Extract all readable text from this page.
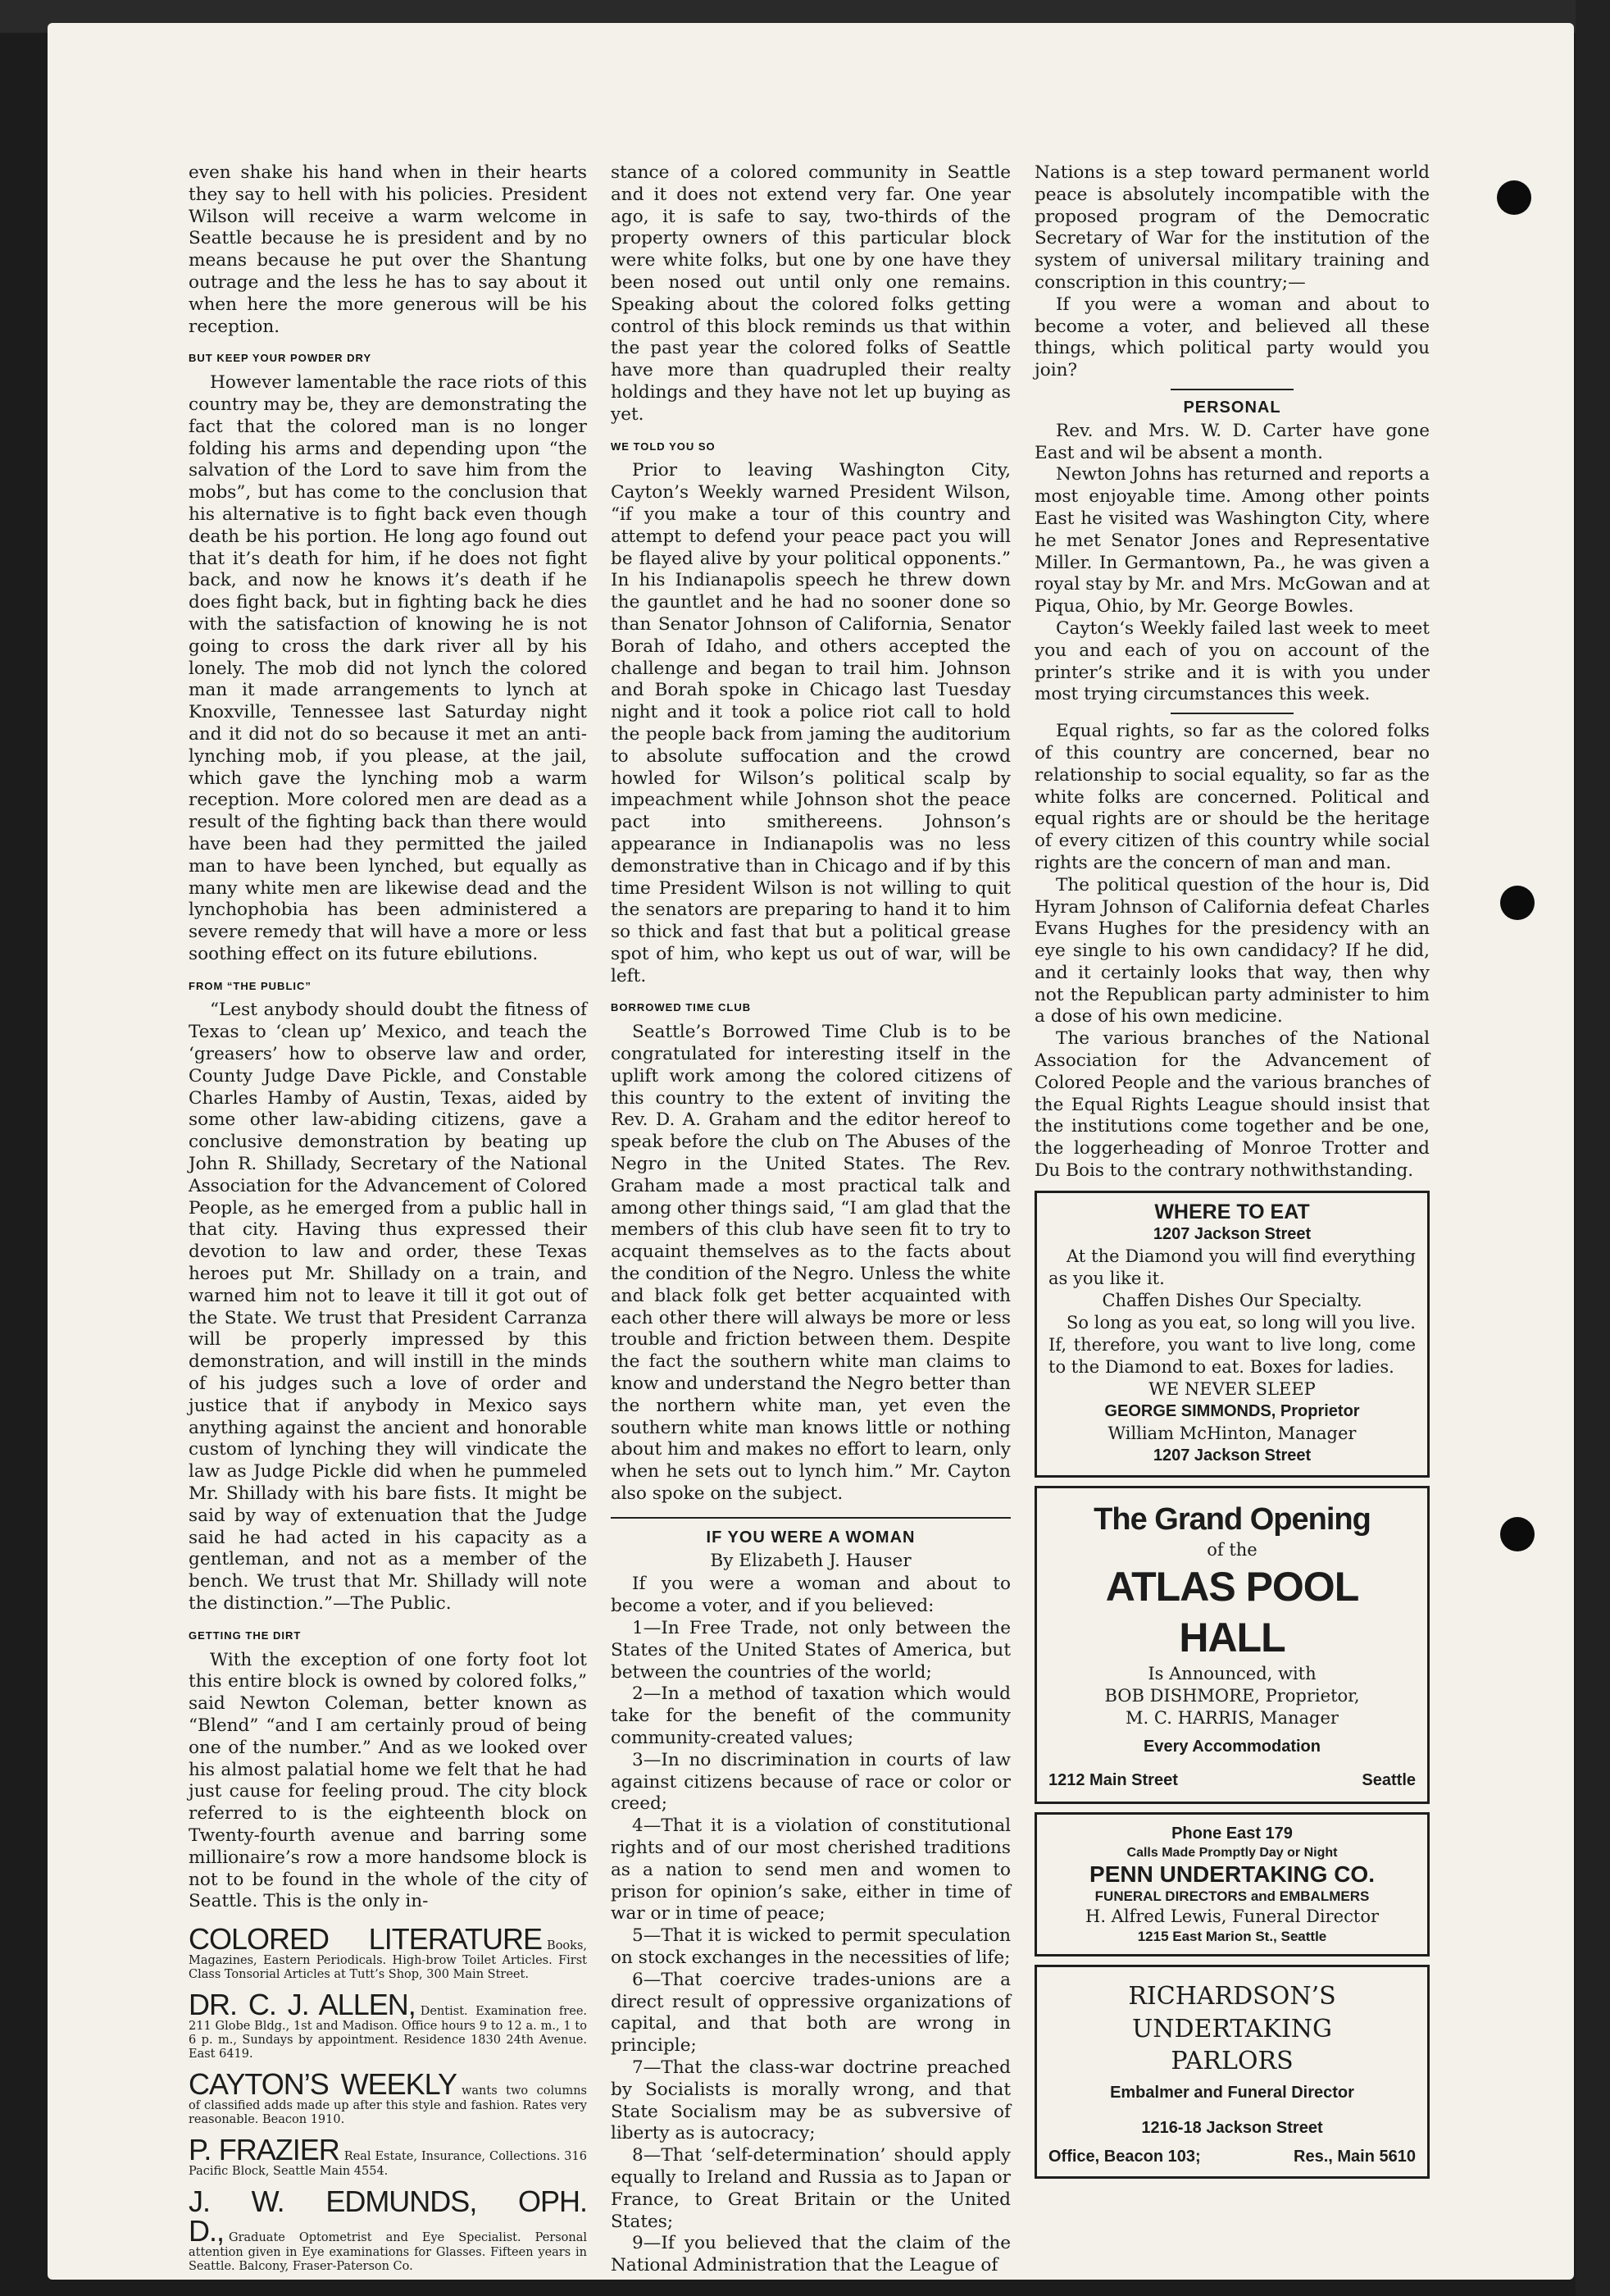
even shake his hand when in their hearts they say to hell with his policies. President Wilson will receive a warm welcome in Seattle because he is president and by no means because he put over the Shantung outrage and the less he has to say about it when here the more generous will be his reception.

BUT KEEP YOUR POWDER DRY

However lamentable the race riots of this country may be, they are demonstrating the fact that the colored man is no longer folding his arms and depending upon “the salvation of the Lord to save him from the mobs”, but has come to the conclusion that his alternative is to fight back even though death be his portion. He long ago found out that it’s death for him, if he does not fight back, and now he knows it’s death if he does fight back, but in fighting back he dies with the satisfaction of knowing he is not going to cross the dark river all by his lonely. The mob did not lynch the colored man it made arrangements to lynch at Knoxville, Tennessee last Saturday night and it did not do so because it met an anti-lynching mob, if you please, at the jail, which gave the lynching mob a warm reception. More colored men are dead as a result of the fighting back than there would have been had they permitted the jailed man to have been lynched, but equally as many white men are likewise dead and the lynchophobia has been administered a severe remedy that will have a more or less soothing effect on its future ebilutions.

FROM “THE PUBLIC”

“Lest anybody should doubt the fitness of Texas to ‘clean up’ Mexico, and teach the ‘greasers’ how to observe law and order, County Judge Dave Pickle, and Constable Charles Hamby of Austin, Texas, aided by some other law-abiding citizens, gave a conclusive demonstration by beating up John R. Shillady, Secretary of the National Association for the Advancement of Colored People, as he emerged from a public hall in that city. Having thus expressed their devotion to law and order, these Texas heroes put Mr. Shillady on a train, and warned him not to leave it till it got out of the State. We trust that President Carranza will be properly impressed by this demonstration, and will instill in the minds of his judges such a love of order and justice that if anybody in Mexico says anything against the ancient and honorable custom of lynching they will vindicate the law as Judge Pickle did when he pummeled Mr. Shillady with his bare fists. It might be said by way of extenuation that the Judge said he had acted in his capacity as a gentleman, and not as a member of the bench. We trust that Mr. Shillady will note the distinction.”—The Public.

GETTING THE DIRT

With the exception of one forty foot lot this entire block is owned by colored folks,” said Newton Coleman, better known as “Blend” “and I am certainly proud of being one of the number.” And as we looked over his almost palatial home we felt that he had just cause for feeling proud. The city block referred to is the eighteenth block on Twenty-fourth avenue and barring some millionaire’s row a more handsome block is not to be found in the whole of the city of Seattle. This is the only in-

COLORED LITERATURE Books, Magazines, Eastern Periodicals. High-brow Toilet Articles. First Class Tonsorial Articles at Tutt’s Shop, 300 Main Street.
DR. C. J. ALLEN, Dentist. Examination free. 211 Globe Bldg., 1st and Madison. Office hours 9 to 12 a. m., 1 to 6 p. m., Sundays by appointment. Residence 1830 24th Avenue. East 6419.
CAYTON’S WEEKLY wants two columns of classified adds made up after this style and fashion. Rates very reasonable. Beacon 1910.
P. FRAZIER Real Estate, Insurance, Collections. 316 Pacific Block, Seattle Main 4554.
J. W. EDMUNDS, OPH. D., Graduate Optometrist and Eye Specialist. Personal attention given in Eye examinations for Glasses. Fifteen years in Seattle. Balcony, Fraser-Paterson Co.

stance of a colored community in Seattle and it does not extend very far. One year ago, it is safe to say, two-thirds of the property owners of this particular block were white folks, but one by one have they been nosed out until only one remains. Speaking about the colored folks getting control of this block reminds us that within the past year the colored folks of Seattle have more than quadrupled their realty holdings and they have not let up buying as yet.

WE TOLD YOU SO

Prior to leaving Washington City, Cayton’s Weekly warned President Wilson, “if you make a tour of this country and attempt to defend your peace pact you will be flayed alive by your political opponents.” In his Indianapolis speech he threw down the gauntlet and he had no sooner done so than Senator Johnson of California, Senator Borah of Idaho, and others accepted the challenge and began to trail him. Johnson and Borah spoke in Chicago last Tuesday night and it took a police riot call to hold the people back from jaming the auditorium to absolute suffocation and the crowd howled for Wilson’s political scalp by impeachment while Johnson shot the peace pact into smithereens. Johnson’s appearance in Indianapolis was no less demonstrative than in Chicago and if by this time President Wilson is not willing to quit the senators are preparing to hand it to him so thick and fast that but a political grease spot of him, who kept us out of war, will be left.

BORROWED TIME CLUB

Seattle’s Borrowed Time Club is to be congratulated for interesting itself in the uplift work among the colored citizens of this country to the extent of inviting the Rev. D. A. Graham and the editor hereof to speak before the club on The Abuses of the Negro in the United States. The Rev. Graham made a most practical talk and among other things said, “I am glad that the members of this club have seen fit to try to acquaint themselves as to the facts about the condition of the Negro. Unless the white and black folk get better acquainted with each other there will always be more or less trouble and friction between them. Despite the fact the southern white man claims to know and understand the Negro better than the northern white man, yet even the southern white man knows little or nothing about him and makes no effort to learn, only when he sets out to lynch him.” Mr. Cayton also spoke on the subject.

IF YOU WERE A WOMAN
By Elizabeth J. Hauser

If you were a woman and about to become a voter, and if you believed:

1—In Free Trade, not only between the States of the United States of America, but between the countries of the world;

2—In a method of taxation which would take for the benefit of the community community-created values;

3—In no discrimination in courts of law against citizens because of race or color or creed;

4—That it is a violation of constitutional rights and of our most cherished traditions as a nation to send men and women to prison for opinion’s sake, either in time of war or in time of peace;

5—That it is wicked to permit speculation on stock exchanges in the necessities of life;

6—That coercive trades-unions are a direct result of oppressive organizations of capital, and that both are wrong in principle;

7—That the class-war doctrine preached by Socialists is morally wrong, and that State Socialism may be as subversive of liberty as is autocracy;

8—That ‘self-determination’ should apply equally to Ireland and Russia as to Japan or France, to Great Britain or the United States;

9—If you believed that the claim of the National Administration that the League of

Nations is a step toward permanent world peace is absolutely incompatible with the proposed program of the Democratic Secretary of War for the institution of the system of universal military training and conscription in this country;—

If you were a woman and about to become a voter, and believed all these things, which political party would you join?

PERSONAL

Rev. and Mrs. W. D. Carter have gone East and wil be absent a month.

Newton Johns has returned and reports a most enjoyable time. Among other points East he visited was Washington City, where he met Senator Jones and Representative Miller. In Germantown, Pa., he was given a royal stay by Mr. and Mrs. McGowan and at Piqua, Ohio, by Mr. George Bowles.

Cayton‘s Weekly failed last week to meet you and each of you on account of the printer’s strike and it is with you under most trying circumstances this week.

Equal rights, so far as the colored folks of this country are concerned, bear no relationship to social equality, so far as the white folks are concerned. Political and equal rights are or should be the heritage of every citizen of this country while social rights are the concern of man and man.

The political question of the hour is, Did Hyram Johnson of California defeat Charles Evans Hughes for the presidency with an eye single to his own candidacy? If he did, and it certainly looks that way, then why not the Republican party administer to him a dose of his own medicine.

The various branches of the National Association for the Advancement of Colored People and the various branches of the Equal Rights League should insist that the institutions come together and be one, the loggerheading of Monroe Trotter and Du Bois to the contrary nothwithstanding.

WHERE TO EAT
1207 Jackson Street
At the Diamond you will find everything as you like it.
Chaffen Dishes Our Specialty.
So long as you eat, so long will you live. If, therefore, you want to live long, come to the Diamond to eat. Boxes for ladies.
WE NEVER SLEEP
GEORGE SIMMONDS, Proprietor
William McHinton, Manager
1207 Jackson Street
The Grand Opening
of the
ATLAS POOL HALL
Is Announced, with
BOB DISHMORE, Proprietor,
M. C. HARRIS, Manager
Every Accommodation
1212 Main Street	Seattle
Phone East 179
Calls Made Promptly Day or Night
PENN UNDERTAKING CO.
FUNERAL DIRECTORS and EMBALMERS
H. Alfred Lewis, Funeral Director
1215 East Marion St., Seattle
RICHARDSON’S UNDERTAKING
PARLORS
Embalmer and Funeral Director
1216-18 Jackson Street
Office, Beacon 103;	Res., Main 5610
